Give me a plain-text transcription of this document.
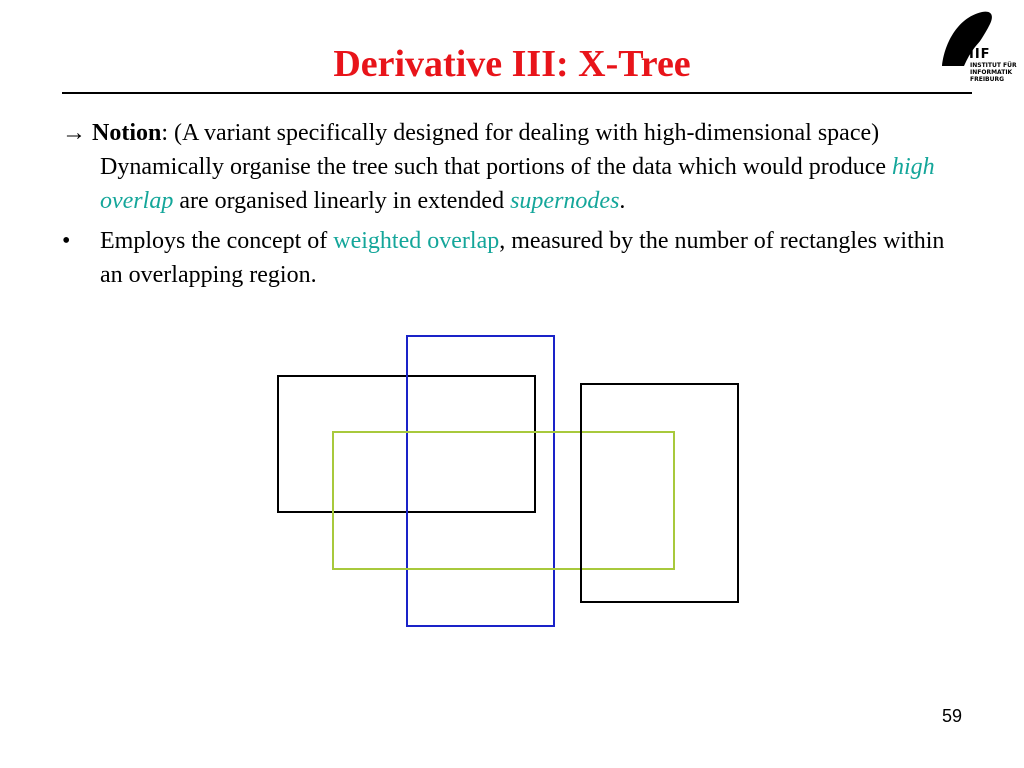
Derivative III: X-Tree	IIF
INSTITUT FÜR
INFORMATIK
FREIBURG

→ Notion: (A variant specifically designed for dealing with high-dimensional space) Dynamically organise the tree such that portions of the data which would produce high overlap are organised linearly in extended supernodes.

• Employs the concept of weighted overlap, measured by the number of rectangles within an overlapping region.

59
